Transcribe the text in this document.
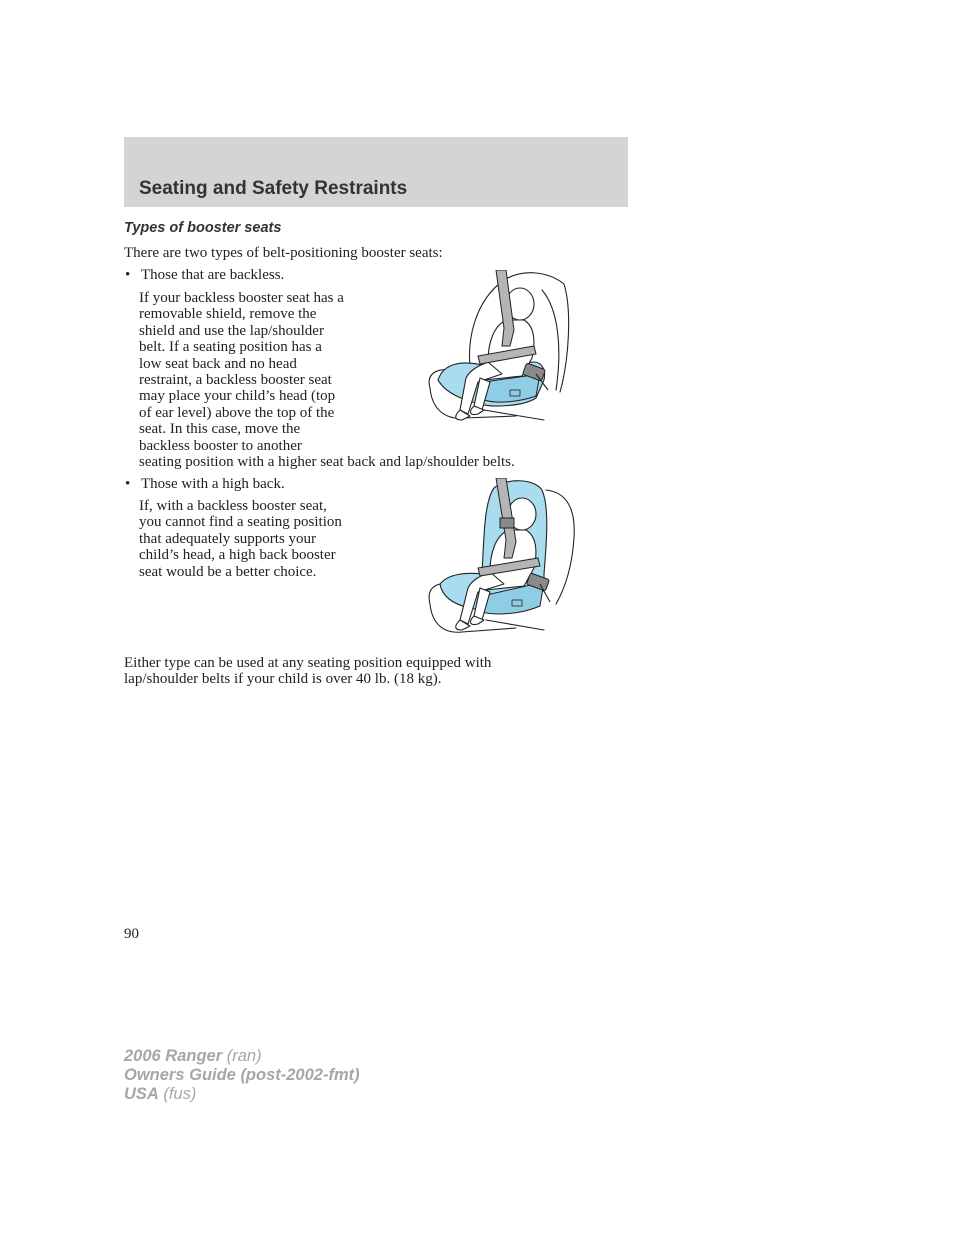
Seating and Safety Restraints
Types of booster seats

There are two types of belt-positioning booster seats:

• Those that are backless.
If your backless booster seat has a
removable shield, remove the
shield and use the lap/shoulder
belt. If a seating position has a
low seat back and no head
restraint, a backless booster seat
may place your child’s head (top
of ear level) above the top of the
seat. In this case, move the
backless booster to another
seating position with a higher seat back and lap/shoulder belts.
• Those with a high back.
If, with a backless booster seat,
you cannot find a seating position
that adequately supports your
child’s head, a high back booster
seat would be a better choice.
Either type can be used at any seating position equipped with
lap/shoulder belts if your child is over 40 lb. (18 kg).
90
2006 Ranger (ran)
Owners Guide (post-2002-fmt)
USA (fus)
